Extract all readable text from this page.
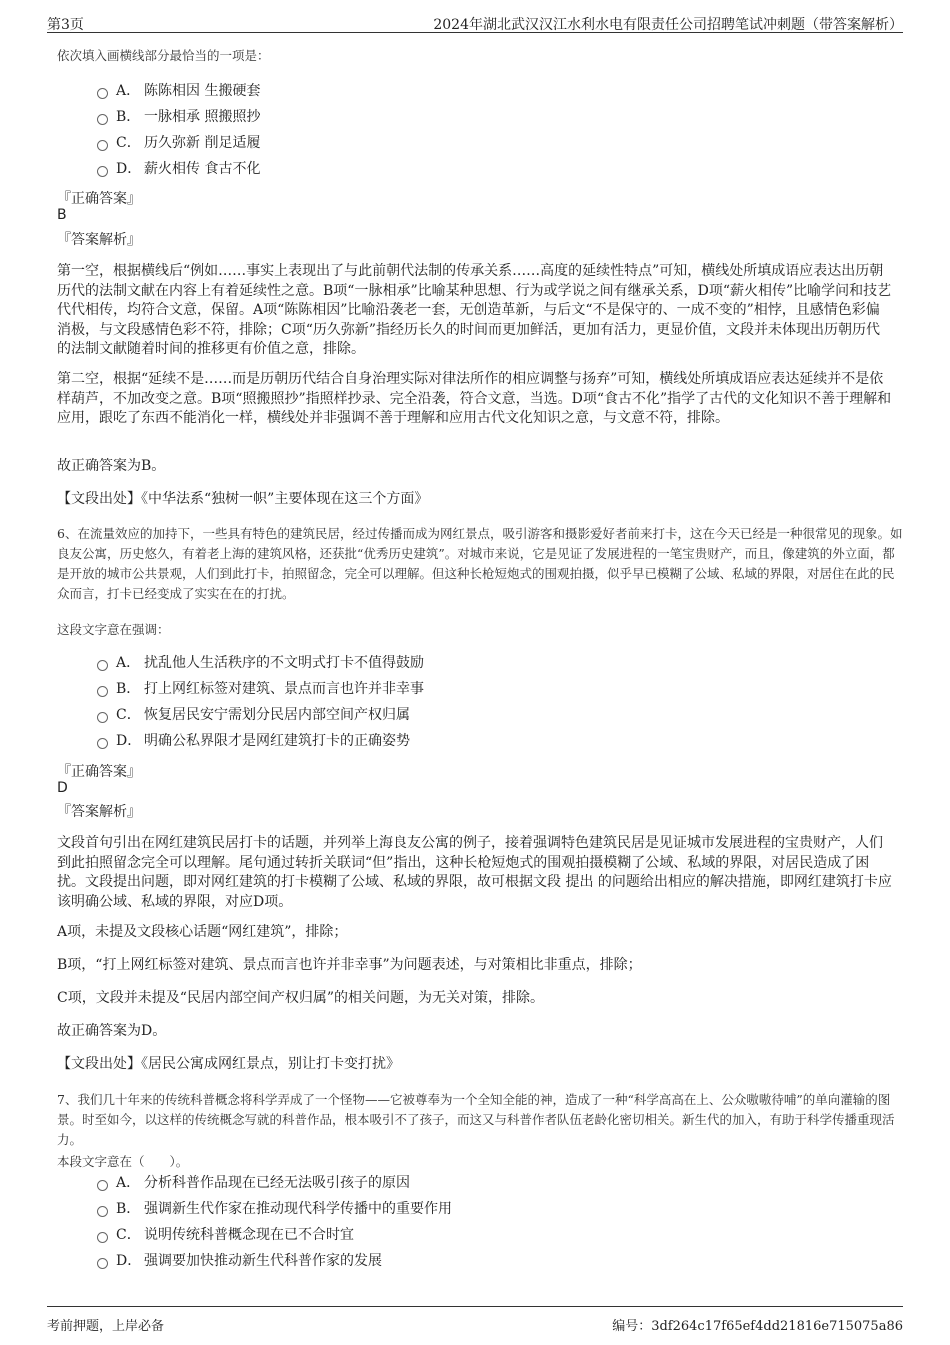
第3页	2024年湖北武汉汉江水利水电有限责任公司招聘笔试冲刺题（带答案解析）
依次填入画横线部分最恰当的一项是：
A． 陈陈相因 生搬硬套
B． 一脉相承 照搬照抄
C． 历久弥新 削足适履
D． 薪火相传 食古不化
『正确答案』
B
『答案解析』
第一空，根据横线后“例如……事实上表现出了与此前朝代法制的传承关系……高度的延续性特点”可知，横线处所填成语应表达出历朝历代的法制文献在内容上有着延续性之意。B项“一脉相承”比喻某种思想、行为或学说之间有继承关系，D项“薪火相传”比喻学问和技艺代代相传，均符合文意，保留。A项“陈陈相因”比喻沿袭老一套，无创造革新，与后文“不是保守的、一成不变的”相悖，且感情色彩偏消极，与文段感情色彩不符，排除；C项“历久弥新”指经历长久的时间而更加鲜活，更加有活力，更显价值，文段并未体现出历朝历代的法制文献随着时间的推移更有价值之意，排除。
第二空，根据“延续不是……而是历朝历代结合自身治理实际对律法所作的相应调整与扬弃”可知，横线处所填成语应表达延续并不是依样葫芦，不加改变之意。B项“照搬照抄”指照样抄录、完全沿袭，符合文意，当选。D项“食古不化”指学了古代的文化知识不善于理解和应用，跟吃了东西不能消化一样，横线处并非强调不善于理解和应用古代文化知识之意，与文意不符，排除。
故正确答案为B。
【文段出处】《中华法系“独树一帜”主要体现在这三个方面》
6、在流量效应的加持下，一些具有特色的建筑民居，经过传播而成为网红景点，吸引游客和摄影爱好者前来打卡，这在今天已经是一种很常见的现象。如良友公寓，历史悠久，有着老上海的建筑风格，还获批“优秀历史建筑”。对城市来说，它是见证了发展进程的一笔宝贵财产，而且，像建筑的外立面，都是开放的城市公共景观，人们到此打卡，拍照留念，完全可以理解。但这种长枪短炮式的围观拍摄，似乎早已模糊了公域、私域的界限，对居住在此的民众而言，打卡已经变成了实实在在的打扰。
这段文字意在强调：
A． 扰乱他人生活秩序的不文明式打卡不值得鼓励
B． 打上网红标签对建筑、景点而言也许并非幸事
C． 恢复居民安宁需划分民居内部空间产权归属
D． 明确公私界限才是网红建筑打卡的正确姿势
『正确答案』
D
『答案解析』
文段首句引出在网红建筑民居打卡的话题，并列举上海良友公寓的例子，接着强调特色建筑民居是见证城市发展进程的宝贵财产，人们到此拍照留念完全可以理解。尾句通过转折关联词“但”指出，这种长枪短炮式的围观拍摄模糊了公域、私域的界限，对居民造成了困扰。文段提出问题，即对网红建筑的打卡模糊了公域、私域的界限，故可根据文段 提出 的问题给出相应的解决措施，即网红建筑打卡应该明确公域、私域的界限，对应D项。
A项，未提及文段核心话题“网红建筑”，排除；
B项，“打上网红标签对建筑、景点而言也许并非幸事”为问题表述，与对策相比非重点，排除；
C项，文段并未提及“民居内部空间产权归属”的相关问题，为无关对策，排除。
故正确答案为D。
【文段出处】《居民公寓成网红景点，别让打卡变打扰》
7、我们几十年来的传统科普概念将科学弄成了一个怪物——它被尊奉为一个全知全能的神，造成了一种“科学高高在上、公众嗷嗷待哺”的单向灌输的图景。时至如今，以这样的传统概念写就的科普作品，根本吸引不了孩子，而这又与科普作者队伍老龄化密切相关。新生代的加入，有助于科学传播重现活力。
本段文字意在（　　）。
A． 分析科普作品现在已经无法吸引孩子的原因
B． 强调新生代作家在推动现代科学传播中的重要作用
C． 说明传统科普概念现在已不合时宜
D． 强调要加快推动新生代科普作家的发展
考前押题，上岸必备	编号：3df264c17f65ef4dd21816e715075a86
